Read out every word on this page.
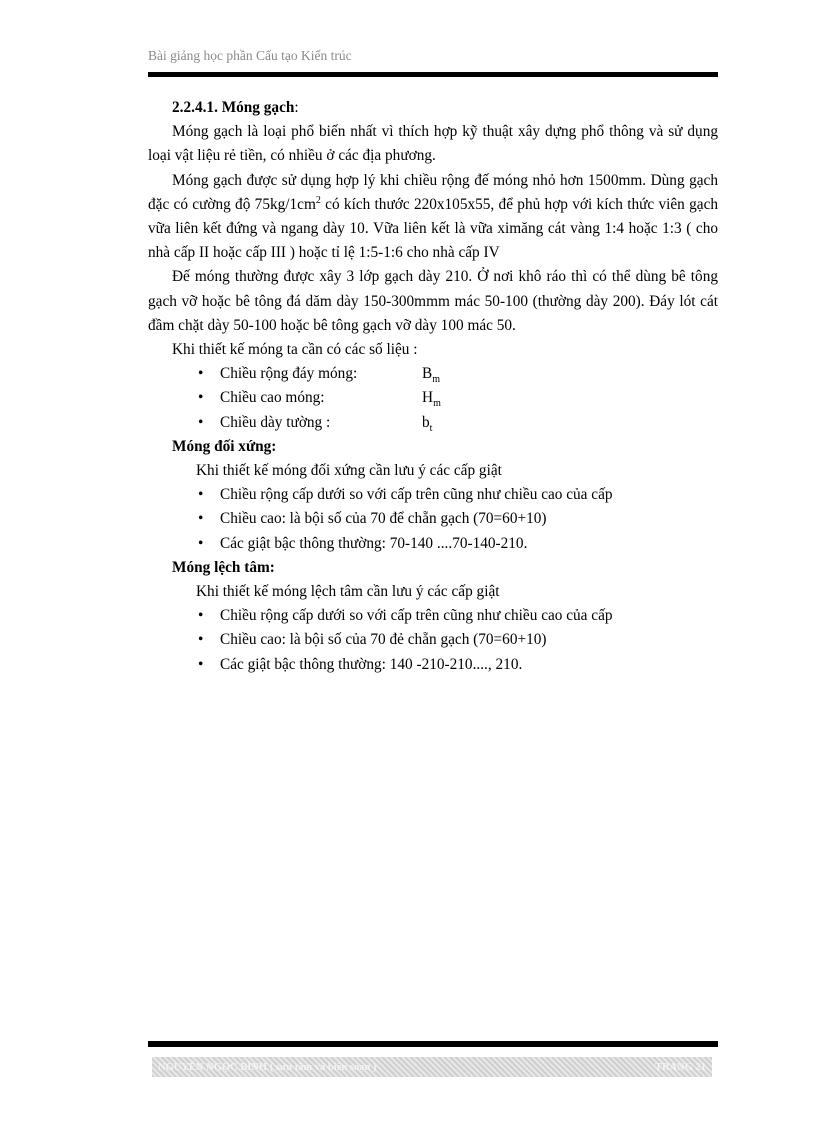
Bài giảng học phần Cấu tạo Kiến trúc
2.2.4.1. Móng gạch:

Móng gạch là loại phổ biến nhất vì thích hợp kỹ thuật xây dựng phổ thông và sử dụng loại vật liệu rẻ tiền, có nhiều ở các địa phương.

Móng gạch được sử dụng hợp lý khi chiều rộng đế móng nhỏ hơn 1500mm. Dùng gạch đặc có cường độ $75kg/1cm^2$ có kích thước 220x105x55, để phủ hợp với kích thức viên gạch vữa liên kết đứng và ngang dày 10. Vữa liên kết là vữa ximăng cát vàng 1:4 hoặc 1:3 ( cho nhà cấp II hoặc cấp III ) hoặc tỉ lệ 1:5-1:6 cho nhà cấp IV

Đế móng thường được xây 3 lớp gạch dày 210. Ở nơi khô ráo thì có thể dùng bê tông gạch vỡ hoặc bê tông đá dăm dày 150-300mmm mác 50-100 (thường dày 200). Đáy lót cát đầm chặt dày 50-100 hoặc bê tông gạch vỡ dày 100 mác 50.

Khi thiết kế móng ta cần có các số liệu :
• Chiều rộng đáy móng:	$B_m$
• Chiều cao móng:	$H_m$
• Chiều dày tường :	$b_t$
Móng đối xứng:
Khi thiết kế móng đối xứng cần lưu ý các cấp giật
• Chiều rộng cấp dưới so với cấp trên cũng như chiều cao của cấp
• Chiều cao: là bội số của 70 để chẵn gạch (70=60+10)
• Các giật bậc thông thường: 70-140 ....70-140-210.
Móng lệch tâm:
Khi thiết kế móng lệch tâm cần lưu ý các cấp giật
• Chiều rộng cấp dưới so với cấp trên cũng như chiều cao của cấp
• Chiều cao: là bội số của 70 đẻ chẵn gạch (70=60+10)
• Các giật bậc thông thường: 140 -210-210...., 210.
NGUYỄN NGỌC BÌNH ( sưu tầm và biên soạn )	TRANG 21
